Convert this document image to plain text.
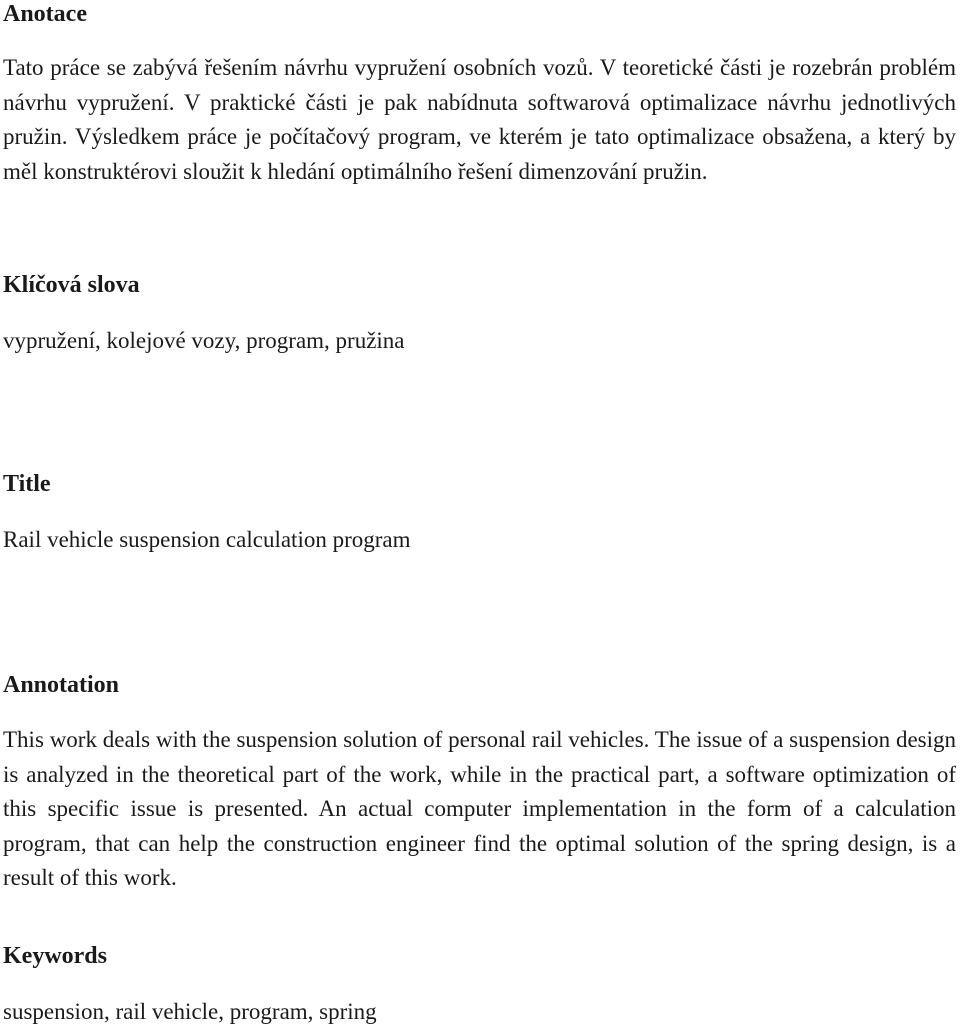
Anotace

Tato práce se zabývá řešením návrhu vypružení osobních vozů. V teoretické části je rozebrán problém návrhu vypružení. V praktické části je pak nabídnuta softwarová optimalizace návrhu jednotlivých pružin. Výsledkem práce je počítačový program, ve kterém je tato optimalizace obsažena, a který by měl konstruktérovi sloužit k hledání optimálního řešení dimenzování pružin.

Klíčová slova

vypružení, kolejové vozy, program, pružina

Title

Rail vehicle suspension calculation program

Annotation

This work deals with the suspension solution of personal rail vehicles. The issue of a suspension design is analyzed in the theoretical part of the work, while in the practical part, a software optimization of this specific issue is presented. An actual computer implementation in the form of a calculation program, that can help the construction engineer find the optimal solution of the spring design, is a result of this work.

Keywords

suspension, rail vehicle, program, spring
